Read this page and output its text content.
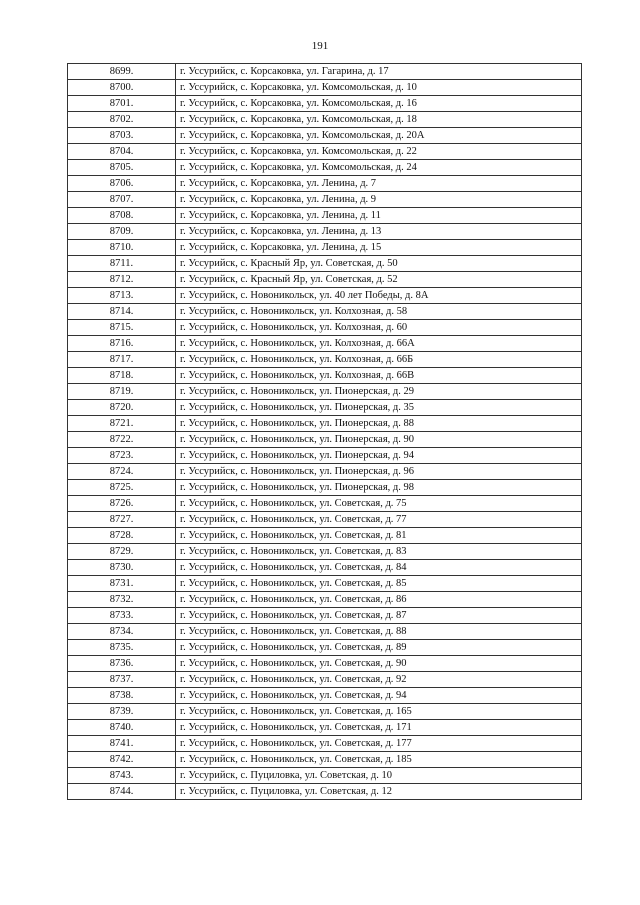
191
8699.	г. Уссурийск, с. Корсаковка, ул. Гагарина, д. 17
8700.	г. Уссурийск, с. Корсаковка, ул. Комсомольская, д. 10
8701.	г. Уссурийск, с. Корсаковка, ул. Комсомольская, д. 16
8702.	г. Уссурийск, с. Корсаковка, ул. Комсомольская, д. 18
8703.	г. Уссурийск, с. Корсаковка, ул. Комсомольская, д. 20А
8704.	г. Уссурийск, с. Корсаковка, ул. Комсомольская, д. 22
8705.	г. Уссурийск, с. Корсаковка, ул. Комсомольская, д. 24
8706.	г. Уссурийск, с. Корсаковка, ул. Ленина, д. 7
8707.	г. Уссурийск, с. Корсаковка, ул. Ленина, д. 9
8708.	г. Уссурийск, с. Корсаковка, ул. Ленина, д. 11
8709.	г. Уссурийск, с. Корсаковка, ул. Ленина, д. 13
8710.	г. Уссурийск, с. Корсаковка, ул. Ленина, д. 15
8711.	г. Уссурийск, с. Красный Яр, ул. Советская, д. 50
8712.	г. Уссурийск, с. Красный Яр, ул. Советская, д. 52
8713.	г. Уссурийск, с. Новоникольск, ул. 40 лет Победы, д. 8А
8714.	г. Уссурийск, с. Новоникольск, ул. Колхозная, д. 58
8715.	г. Уссурийск, с. Новоникольск, ул. Колхозная, д. 60
8716.	г. Уссурийск, с. Новоникольск, ул. Колхозная, д. 66А
8717.	г. Уссурийск, с. Новоникольск, ул. Колхозная, д. 66Б
8718.	г. Уссурийск, с. Новоникольск, ул. Колхозная, д. 66В
8719.	г. Уссурийск, с. Новоникольск, ул. Пионерская, д. 29
8720.	г. Уссурийск, с. Новоникольск, ул. Пионерская, д. 35
8721.	г. Уссурийск, с. Новоникольск, ул. Пионерская, д. 88
8722.	г. Уссурийск, с. Новоникольск, ул. Пионерская, д. 90
8723.	г. Уссурийск, с. Новоникольск, ул. Пионерская, д. 94
8724.	г. Уссурийск, с. Новоникольск, ул. Пионерская, д. 96
8725.	г. Уссурийск, с. Новоникольск, ул. Пионерская, д. 98
8726.	г. Уссурийск, с. Новоникольск, ул. Советская, д. 75
8727.	г. Уссурийск, с. Новоникольск, ул. Советская, д. 77
8728.	г. Уссурийск, с. Новоникольск, ул. Советская, д. 81
8729.	г. Уссурийск, с. Новоникольск, ул. Советская, д. 83
8730.	г. Уссурийск, с. Новоникольск, ул. Советская, д. 84
8731.	г. Уссурийск, с. Новоникольск, ул. Советская, д. 85
8732.	г. Уссурийск, с. Новоникольск, ул. Советская, д. 86
8733.	г. Уссурийск, с. Новоникольск, ул. Советская, д. 87
8734.	г. Уссурийск, с. Новоникольск, ул. Советская, д. 88
8735.	г. Уссурийск, с. Новоникольск, ул. Советская, д. 89
8736.	г. Уссурийск, с. Новоникольск, ул. Советская, д. 90
8737.	г. Уссурийск, с. Новоникольск, ул. Советская, д. 92
8738.	г. Уссурийск, с. Новоникольск, ул. Советская, д. 94
8739.	г. Уссурийск, с. Новоникольск, ул. Советская, д. 165
8740.	г. Уссурийск, с. Новоникольск, ул. Советская, д. 171
8741.	г. Уссурийск, с. Новоникольск, ул. Советская, д. 177
8742.	г. Уссурийск, с. Новоникольск, ул. Советская, д. 185
8743.	г. Уссурийск, с. Пуциловка, ул. Советская, д. 10
8744.	г. Уссурийск, с. Пуциловка, ул. Советская, д. 12
